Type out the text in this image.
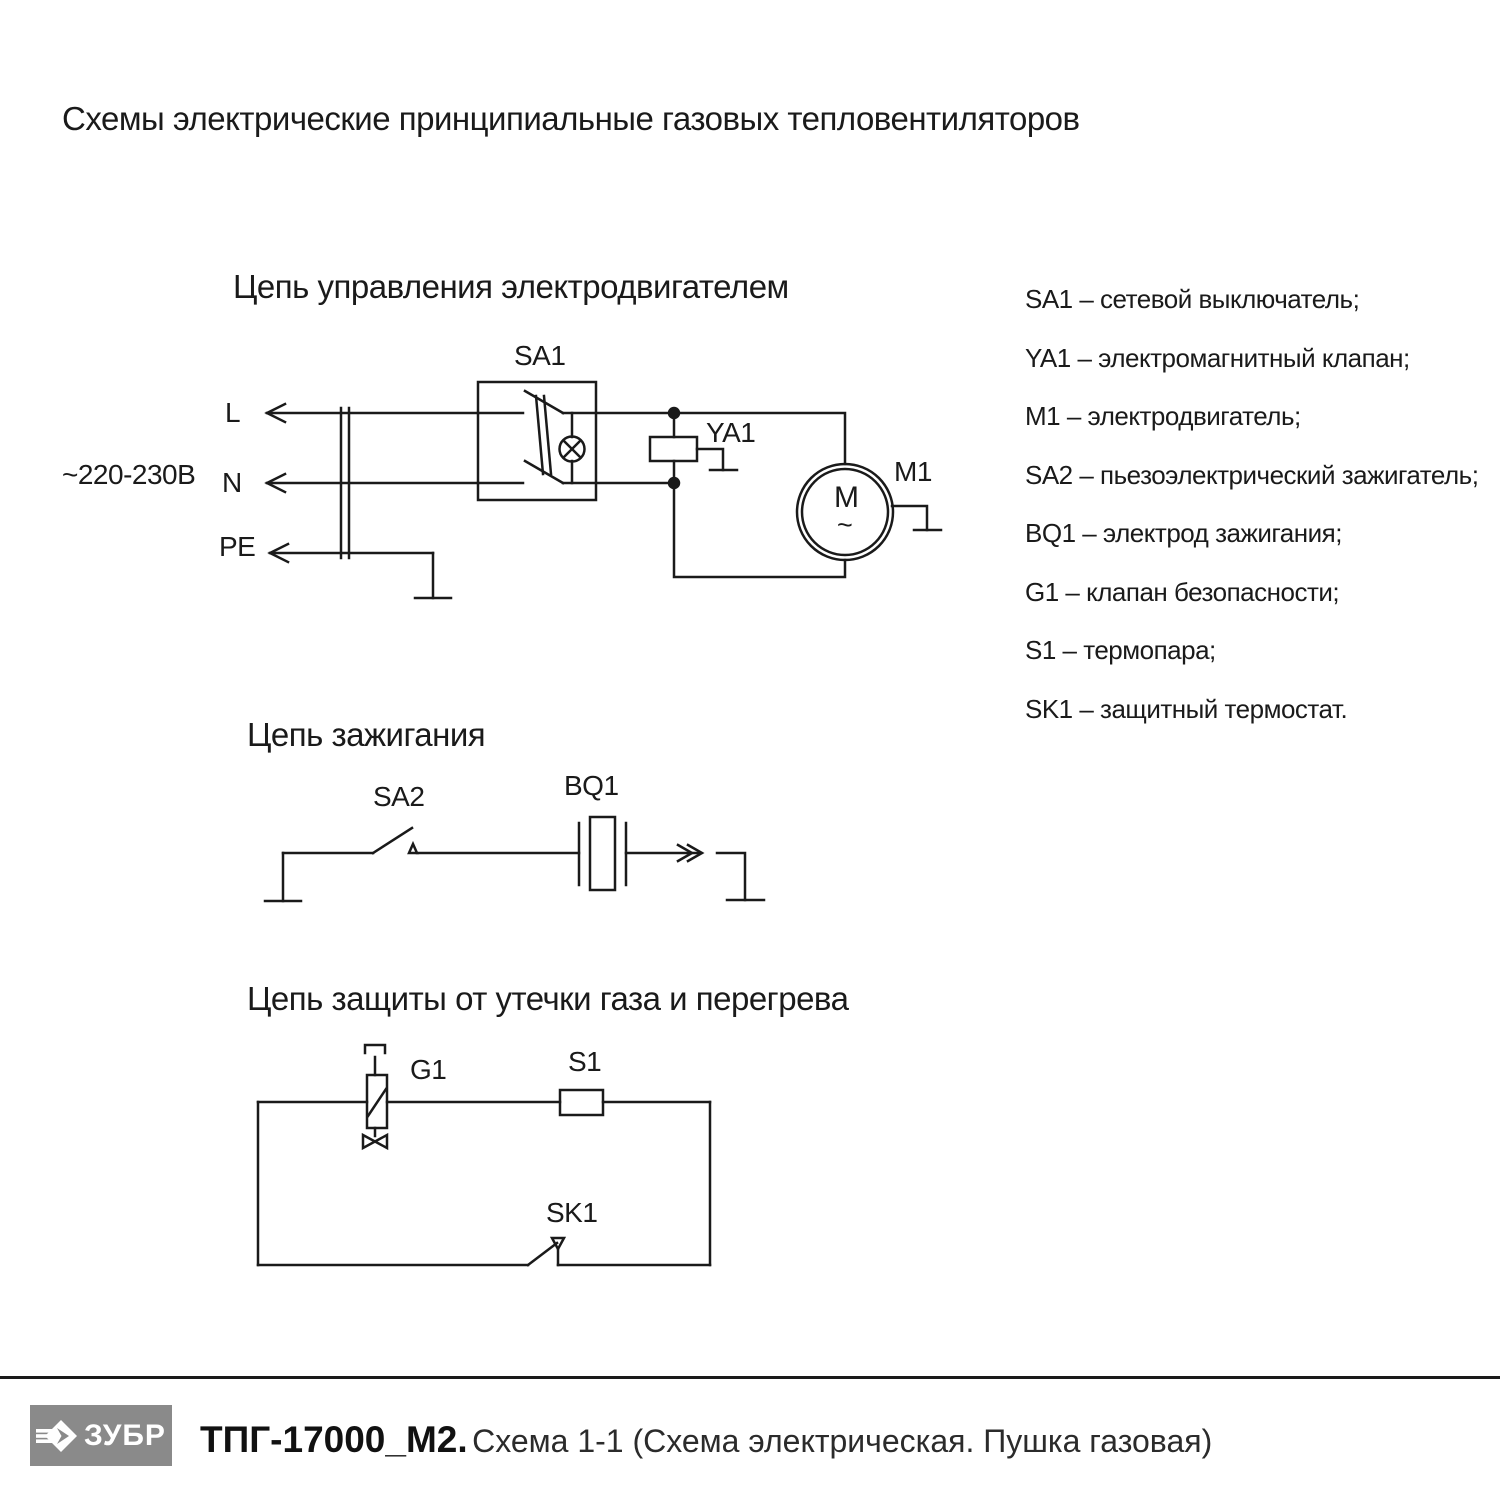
Схемы электрические принципиальные газовых тепловентиляторов
Цепь управления электродвигателем
~220-230В
L
N
PE
SA1
YA1
M1
M
~
Цепь зажигания
SA2	BQ1
Цепь защиты от утечки газа и перегрева
G1	S1
SK1
SA1 – сетевой выключатель;
YA1 – электромагнитный клапан;
M1 – электродвигатель;
SA2 – пьезоэлектрический зажигатель;
BQ1 – электрод зажигания;
G1 – клапан безопасности;
S1 – термопара;
SK1 – защитный термостат.
ЗУБР ТПГ-17000_М2. Схема 1-1 (Схема электрическая. Пушка газовая)
